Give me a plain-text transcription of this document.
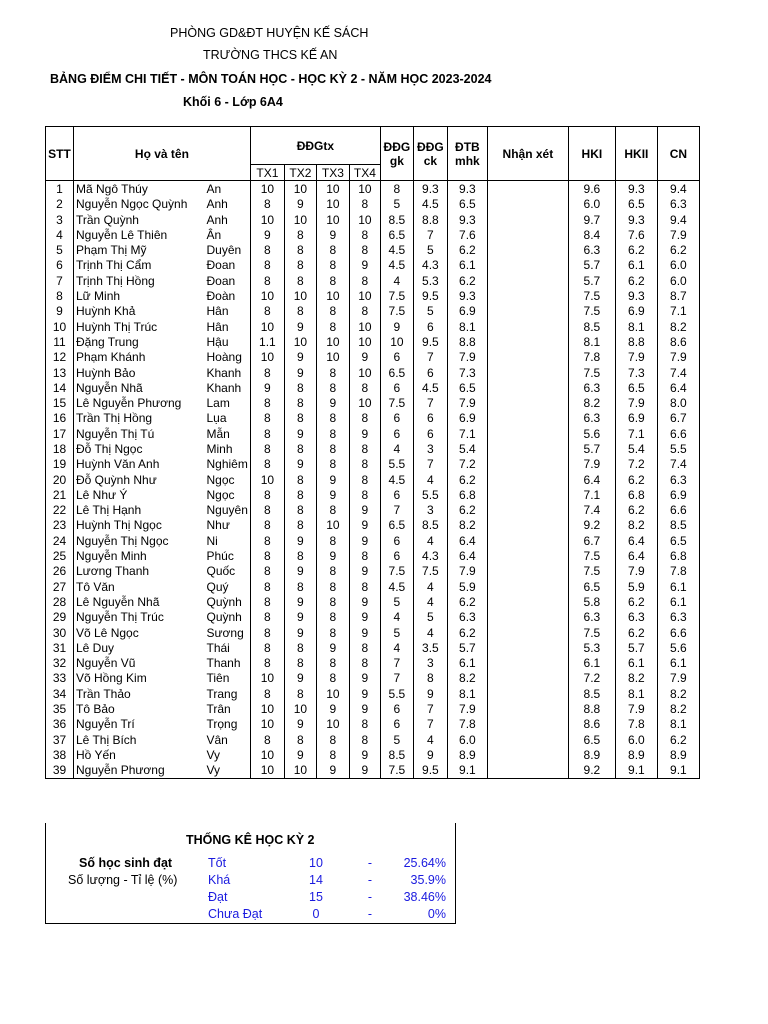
PHÒNG GD&ĐT HUYỆN KẾ SÁCH
TRƯỜNG THCS KẾ AN
BẢNG ĐIỂM CHI TIẾT - MÔN TOÁN HỌC - HỌC KỲ 2 - NĂM HỌC 2023-2024
Khối 6 - Lớp 6A4
STT	Họ và tên		ĐĐGtx				ĐĐG gk	ĐĐG ck	ĐTB mhk	Nhận xét	HKI	HKII	CN
			TX1	TX2	TX3	TX4							
1	Mã Ngô Thúy	An	10	10	10	10	8	9.3	9.3		9.6	9.3	9.4
2	Nguyễn Ngọc Quỳnh	Anh	8	9	10	8	5	4.5	6.5		6.0	6.5	6.3
3	Trần Quỳnh	Anh	10	10	10	10	8.5	8.8	9.3		9.7	9.3	9.4
4	Nguyễn Lê Thiên	Ân	9	8	9	8	6.5	7	7.6		8.4	7.6	7.9
5	Phạm Thị Mỹ	Duyên	8	8	8	8	4.5	5	6.2		6.3	6.2	6.2
6	Trịnh Thị Cẩm	Đoan	8	8	8	9	4.5	4.3	6.1		5.7	6.1	6.0
7	Trịnh Thị Hồng	Đoan	8	8	8	8	4	5.3	6.2		5.7	6.2	6.0
8	Lữ Minh	Đoàn	10	10	10	10	7.5	9.5	9.3		7.5	9.3	8.7
9	Huỳnh Khả	Hân	8	8	8	8	7.5	5	6.9		7.5	6.9	7.1
10	Huỳnh Thị Trúc	Hân	10	9	8	10	9	6	8.1		8.5	8.1	8.2
11	Đặng Trung	Hậu	1.1	10	10	10	10	9.5	8.8		8.1	8.8	8.6
12	Phạm Khánh	Hoàng	10	9	10	9	6	7	7.9		7.8	7.9	7.9
13	Huỳnh Bảo	Khanh	8	9	8	10	6.5	6	7.3		7.5	7.3	7.4
14	Nguyễn Nhã	Khanh	9	8	8	8	6	4.5	6.5		6.3	6.5	6.4
15	Lê Nguyễn Phương	Lam	8	8	9	10	7.5	7	7.9		8.2	7.9	8.0
16	Trần Thị Hồng	Lụa	8	8	8	8	6	6	6.9		6.3	6.9	6.7
17	Nguyễn Thị Tú	Mẫn	8	9	8	9	6	6	7.1		5.6	7.1	6.6
18	Đỗ Thị Ngọc	Minh	8	8	8	8	4	3	5.4		5.7	5.4	5.5
19	Huỳnh Văn Anh	Nghiêm	8	9	8	8	5.5	7	7.2		7.9	7.2	7.4
20	Đỗ Quỳnh Như	Ngọc	10	8	9	8	4.5	4	6.2		6.4	6.2	6.3
21	Lê Như Ý	Ngọc	8	8	9	8	6	5.5	6.8		7.1	6.8	6.9
22	Lê Thị Hạnh	Nguyên	8	8	8	9	7	3	6.2		7.4	6.2	6.6
23	Huỳnh Thị Ngọc	Như	8	8	10	9	6.5	8.5	8.2		9.2	8.2	8.5
24	Nguyễn Thị Ngọc	Ni	8	9	8	9	6	4	6.4		6.7	6.4	6.5
25	Nguyễn Minh	Phúc	8	8	9	8	6	4.3	6.4		7.5	6.4	6.8
26	Lương Thanh	Quốc	8	9	8	9	7.5	7.5	7.9		7.5	7.9	7.8
27	Tô Văn	Quý	8	8	8	8	4.5	4	5.9		6.5	5.9	6.1
28	Lê Nguyễn Nhã	Quỳnh	8	9	8	9	5	4	6.2		5.8	6.2	6.1
29	Nguyễn Thị Trúc	Quỳnh	8	9	8	9	4	5	6.3		6.3	6.3	6.3
30	Võ Lê Ngọc	Sương	8	9	8	9	5	4	6.2		7.5	6.2	6.6
31	Lê Duy	Thái	8	8	9	8	4	3.5	5.7		5.3	5.7	5.6
32	Nguyễn Vũ	Thanh	8	8	8	8	7	3	6.1		6.1	6.1	6.1
33	Võ Hồng Kim	Tiên	10	9	8	9	7	8	8.2		7.2	8.2	7.9
34	Trần Thảo	Trang	8	8	10	9	5.5	9	8.1		8.5	8.1	8.2
35	Tô Bảo	Trân	10	10	9	9	6	7	7.9		8.8	7.9	8.2
36	Nguyễn Trí	Trọng	10	9	10	8	6	7	7.8		8.6	7.8	8.1
37	Lê Thị Bích	Vân	8	8	8	8	5	4	6.0		6.5	6.0	6.2
38	Hồ Yến	Vy	10	9	8	9	8.5	9	8.9		8.9	8.9	8.9
39	Nguyễn Phương	Vy	10	10	9	9	7.5	9.5	9.1		9.2	9.1	9.1
THỐNG KÊ HỌC KỲ 2
Số học sinh đạt
Số lượng - Tỉ lệ (%)
Tốt	10	-	25.64%
Khá	14	-	35.9%
Đạt	15	-	38.46%
Chưa Đạt	0	-	0%
